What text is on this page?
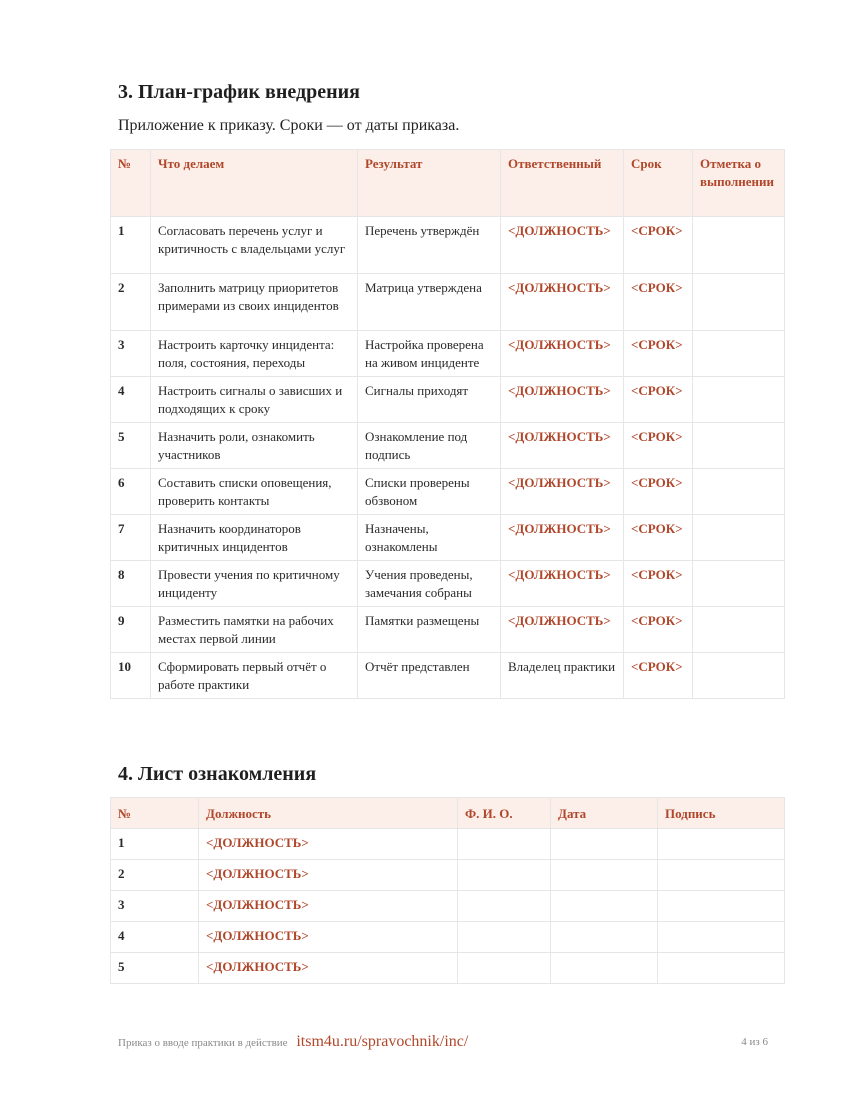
3. План-график внедрения
Приложение к приказу. Сроки — от даты приказа.
№	Что делаем	Результат	Ответственный	Срок	Отметка о выполнении
1	Согласовать перечень услуг и критичность с владельцами услуг	Перечень утверждён	<ДОЛЖНОСТЬ>	<СРОК>	
2	Заполнить матрицу приоритетов примерами из своих инцидентов	Матрица утверждена	<ДОЛЖНОСТЬ>	<СРОК>	
3	Настроить карточку инцидента: поля, состояния, переходы	Настройка проверена на живом инциденте	<ДОЛЖНОСТЬ>	<СРОК>	
4	Настроить сигналы о зависших и подходящих к сроку	Сигналы приходят	<ДОЛЖНОСТЬ>	<СРОК>	
5	Назначить роли, ознакомить участников	Ознакомление под подпись	<ДОЛЖНОСТЬ>	<СРОК>	
6	Составить списки оповещения, проверить контакты	Списки проверены обзвоном	<ДОЛЖНОСТЬ>	<СРОК>	
7	Назначить координаторов критичных инцидентов	Назначены, ознакомлены	<ДОЛЖНОСТЬ>	<СРОК>	
8	Провести учения по критичному инциденту	Учения проведены, замечания собраны	<ДОЛЖНОСТЬ>	<СРОК>	
9	Разместить памятки на рабочих местах первой линии	Памятки размещены	<ДОЛЖНОСТЬ>	<СРОК>	
10	Сформировать первый отчёт о работе практики	Отчёт представлен	Владелец практики	<СРОК>	
4. Лист ознакомления
№	Должность	Ф. И. О.	Дата	Подпись
1	<ДОЛЖНОСТЬ>			
2	<ДОЛЖНОСТЬ>			
3	<ДОЛЖНОСТЬ>			
4	<ДОЛЖНОСТЬ>			
5	<ДОЛЖНОСТЬ>			
Приказ о вводе практики в действие itsm4u.ru/spravochnik/inc/	4 из 6
